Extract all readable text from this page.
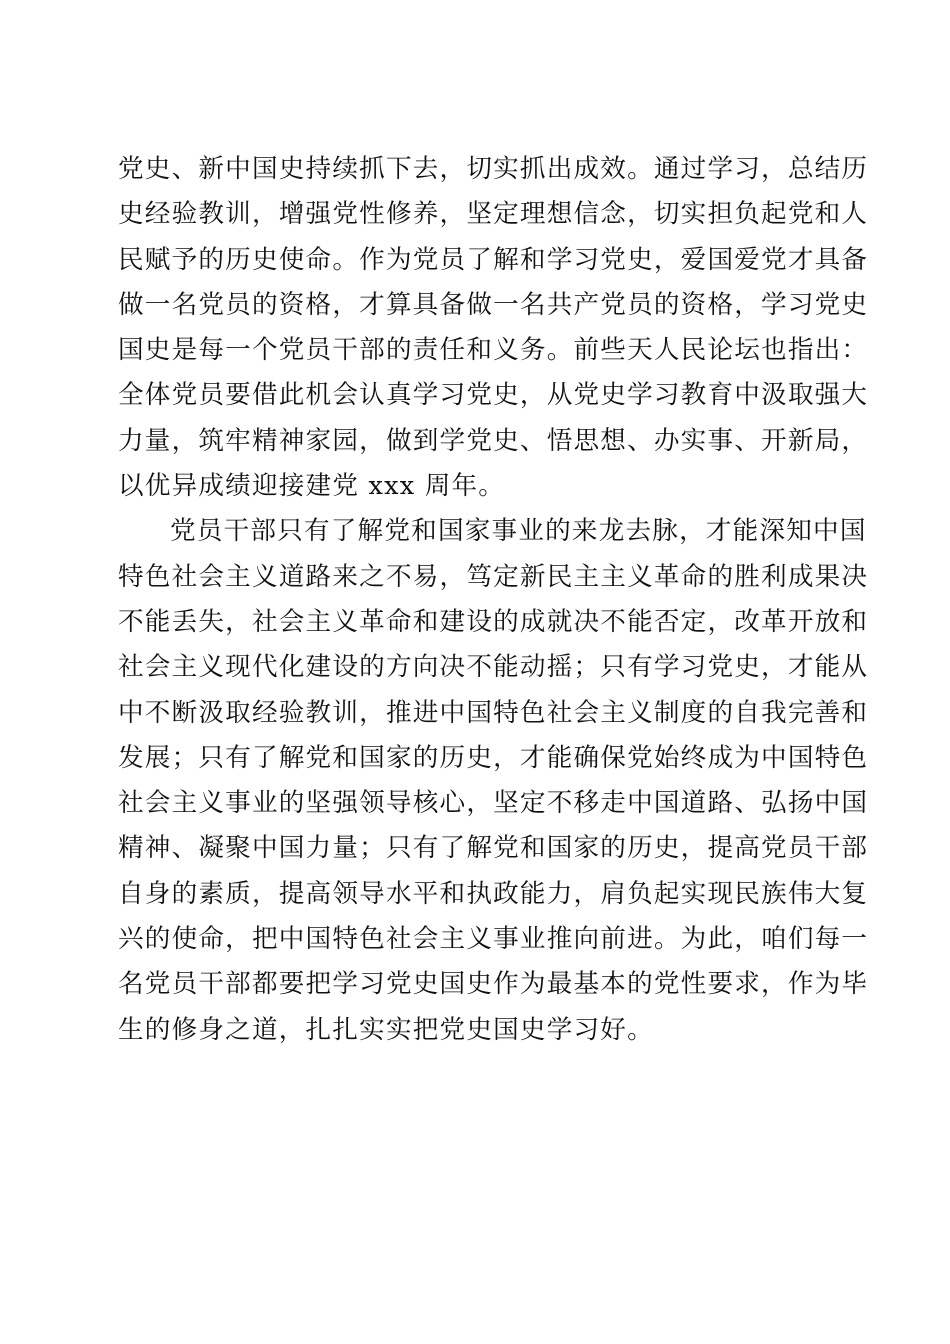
党史、新中国史持续抓下去，切实抓出成效。通过学习，总结历
史经验教训，增强党性修养，坚定理想信念，切实担负起党和人
民赋予的历史使命。作为党员了解和学习党史，爱国爱党才具备
做一名党员的资格，才算具备做一名共产党员的资格，学习党史
国史是每一个党员干部的责任和义务。前些天人民论坛也指出：
全体党员要借此机会认真学习党史，从党史学习教育中汲取强大
力量，筑牢精神家园，做到学党史、悟思想、办实事、开新局，
以优异成绩迎接建党 xxx 周年。
党员干部只有了解党和国家事业的来龙去脉，才能深知中国
特色社会主义道路来之不易，笃定新民主主义革命的胜利成果决
不能丢失，社会主义革命和建设的成就决不能否定，改革开放和
社会主义现代化建设的方向决不能动摇；只有学习党史，才能从
中不断汲取经验教训，推进中国特色社会主义制度的自我完善和
发展；只有了解党和国家的历史，才能确保党始终成为中国特色
社会主义事业的坚强领导核心，坚定不移走中国道路、弘扬中国
精神、凝聚中国力量；只有了解党和国家的历史，提高党员干部
自身的素质，提高领导水平和执政能力，肩负起实现民族伟大复
兴的使命，把中国特色社会主义事业推向前进。为此，咱们每一
名党员干部都要把学习党史国史作为最基本的党性要求，作为毕
生的修身之道，扎扎实实把党史国史学习好。
